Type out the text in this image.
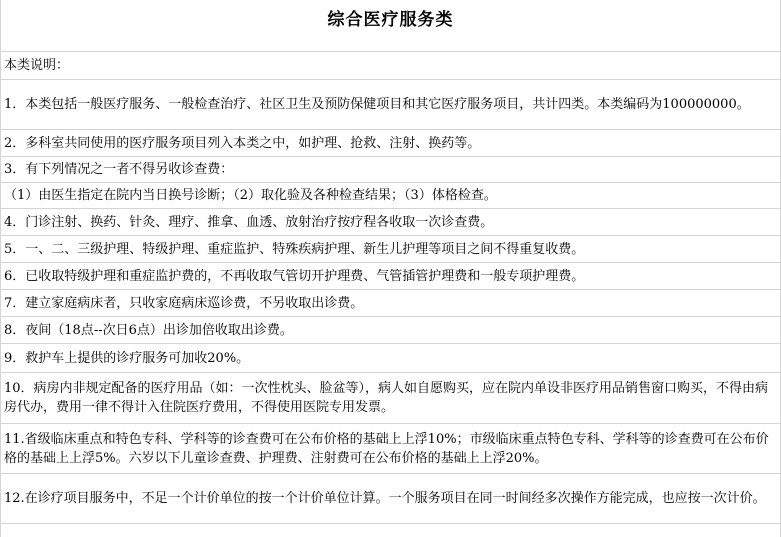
综合医疗服务类
本类说明：
1．本类包括一般医疗服务、一般检查治疗、社区卫生及预防保健项目和其它医疗服务项目，共计四类。本类编码为100000000。
2．多科室共同使用的医疗服务项目列入本类之中，如护理、抢救、注射、换药等。
3．有下列情况之一者不得另收诊查费：
（1）由医生指定在院内当日换号诊断；（2）取化验及各种检查结果；（3）体格检查。
4．门诊注射、换药、针灸、理疗、推拿、血透、放射治疗按疗程各收取一次诊查费。
5．一、二、三级护理、特级护理、重症监护、特殊疾病护理、新生儿护理等项目之间不得重复收费。
6．已收取特级护理和重症监护费的，不再收取气管切开护理费、气管插管护理费和一般专项护理费。
7．建立家庭病床者，只收家庭病床巡诊费，不另收取出诊费。
8．夜间（18点--次日6点）出诊加倍收取出诊费。
9．救护车上提供的诊疗服务可加收20%。
10．病房内非规定配备的医疗用品（如：一次性枕头、脸盆等），病人如自愿购买，应在院内单设非医疗用品销售窗口购买，不得由病房代办，费用一律不得计入住院医疗费用，不得使用医院专用发票。
11.省级临床重点和特色专科、学科等的诊查费可在公布价格的基础上上浮10%；市级临床重点特色专科、学科等的诊查费可在公布价格的基础上上浮5%。六岁以下儿童诊查费、护理费、注射费可在公布价格的基础上上浮20%。
12.在诊疗项目服务中，不足一个计价单位的按一个计价单位计算。一个服务项目在同一时间经多次操作方能完成，也应按一次计价。
